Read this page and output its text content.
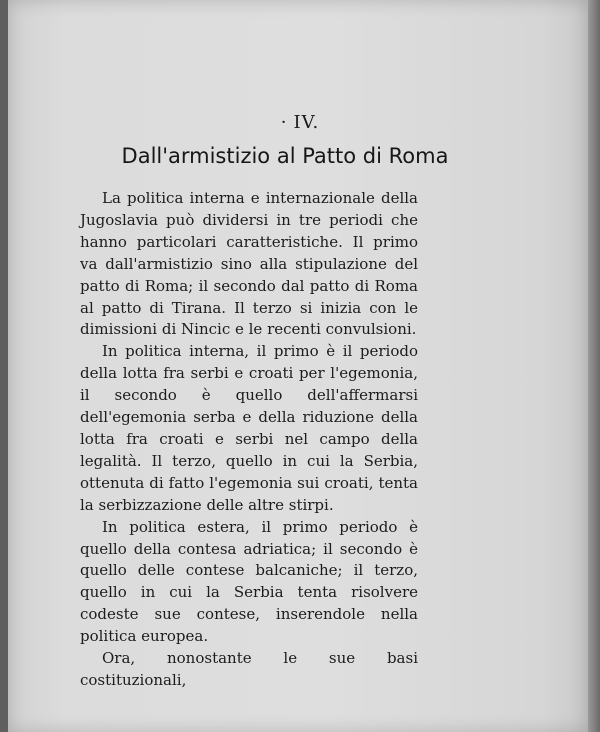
· IV.
Dall'armistizio al Patto di Roma

La politica interna e internazionale della Jugoslavia può dividersi in tre periodi che hanno particolari caratteristiche. Il primo va dall'armistizio sino alla stipulazione del patto di Roma; il secondo dal patto di Roma al patto di Tirana. Il terzo si inizia con le dimissioni di Nincic e le recenti convulsioni.

In politica interna, il primo è il periodo della lotta fra serbi e croati per l'egemonia, il secondo è quello dell'affermarsi dell'egemonia serba e della riduzione della lotta fra croati e serbi nel campo della legalità. Il terzo, quello in cui la Serbia, ottenuta di fatto l'egemonia sui croati, tenta la serbizzazione delle altre stirpi.

In politica estera, il primo periodo è quello della contesa adriatica; il secondo è quello delle contese balcaniche; il terzo, quello in cui la Serbia tenta risolvere codeste sue contese, inserendole nella politica europea.

Ora, nonostante le sue basi costituzionali,
